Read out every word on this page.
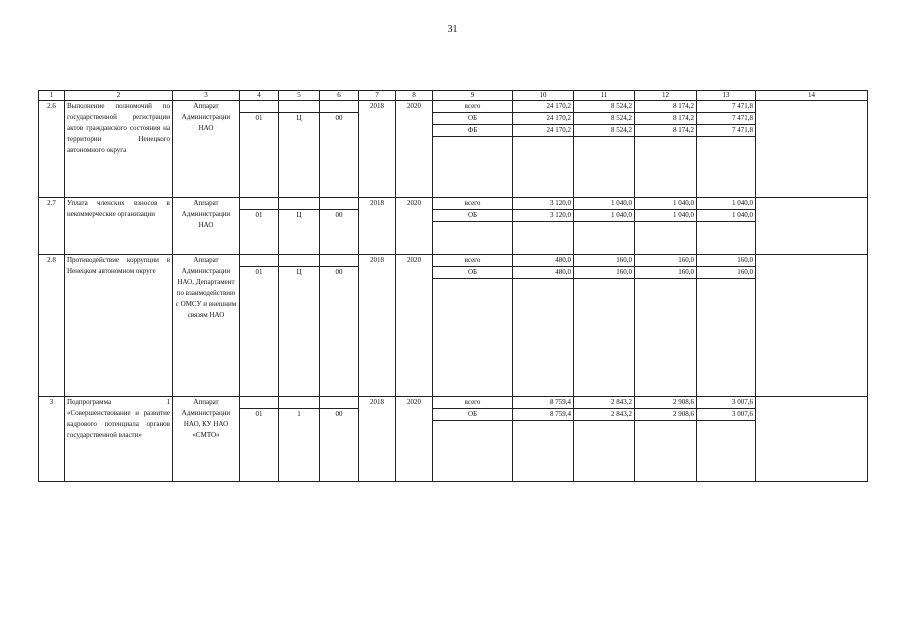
31
1	2	3	4	5	6	7	8	9	10	11	12	13	14
2.6	Выполнение полномочий по государственной регистрации актов гражданского состояния на территории Ненецкого автономного округа	Аппарат Администрации НАО				2018	2020	всего	24 170,2	8 524,2	8 174,2	7 471,8	
			01	Ц	00			ОБ	24 170,2	8 524,2	8 174,2	7 471,8	
								ФБ	24 170,2	8 524,2	8 174,2	7 471,8	

2.7	Уплата членских взносов в некоммерческие организации	Аппарат Администрации НАО				2018	2020	всего	3 120,0	1 040,0	1 040,0	1 040,0	
			01	Ц	00			ОБ	3 120,0	1 040,0	1 040,0	1 040,0	

2.8	Противодействие коррупции в Ненецком автономном округе	Аппарат Администрации НАО, Департамент по взаимодействию с ОМСУ и внешним связям НАО				2018	2020	всего	480,0	160,0	160,0	160,0	
			01	Ц	00			ОБ	480,0	160,0	160,0	160,0	

3	Подпрограмма 1 «Совершенствование и развитие кадрового потенциала органов государственной власти»	Аппарат Администрации НАО, КУ НАО «СМТО»				2018	2020	всего	8 759,4	2 843,2	2 908,6	3 007,6	
			01	1	00			ОБ	8 759,4	2 843,2	2 908,6	3 007,6	
